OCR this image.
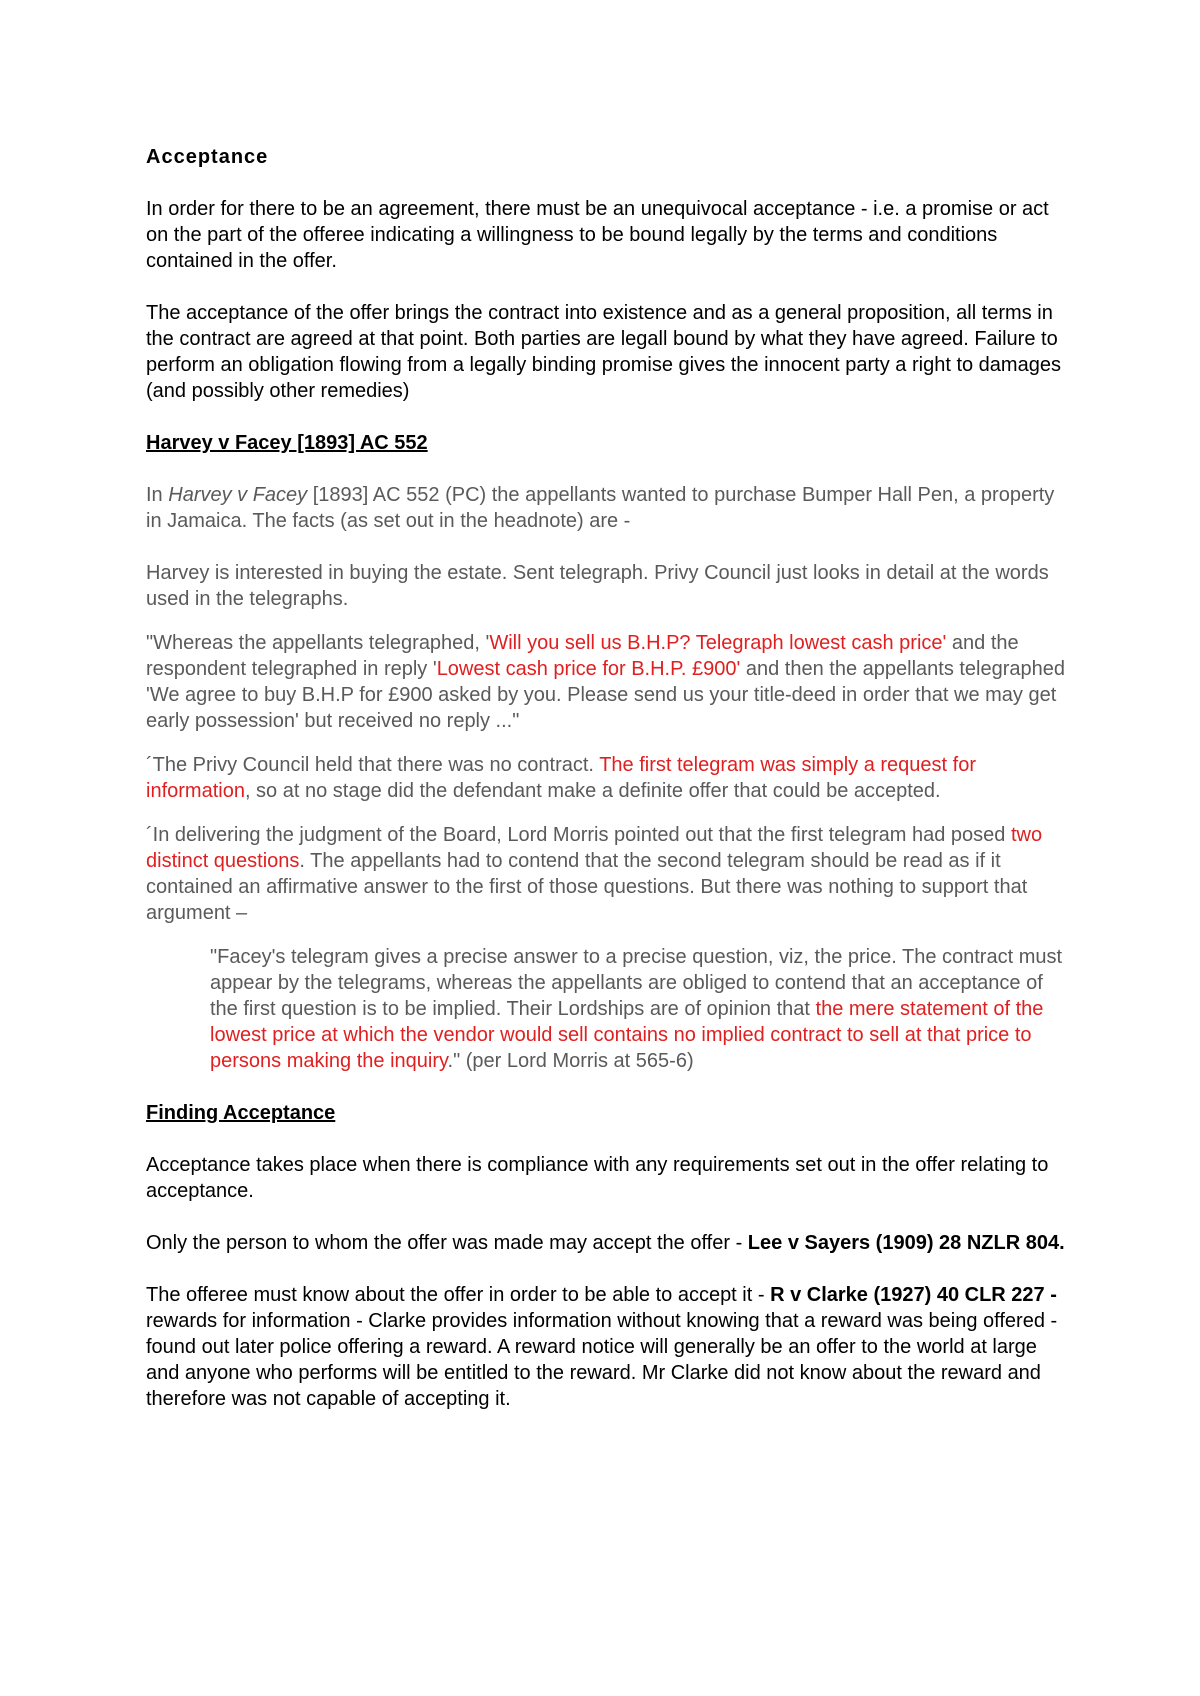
Acceptance

In order for there to be an agreement, there must be an unequivocal acceptance - i.e. a promise or act on the part of the offeree indicating a willingness to be bound legally by the terms and conditions contained in the offer.

The acceptance of the offer brings the contract into existence and as a general proposition, all terms in the contract are agreed at that point. Both parties are legall bound by what they have agreed. Failure to perform an obligation flowing from a legally binding promise gives the innocent party a right to damages (and possibly other remedies)

Harvey v Facey [1893] AC 552

In Harvey v Facey [1893] AC 552 (PC) the appellants wanted to purchase Bumper Hall Pen, a property in Jamaica. The facts (as set out in the headnote) are -

Harvey is interested in buying the estate. Sent telegraph. Privy Council just looks in detail at the words used in the telegraphs.

"Whereas the appellants telegraphed, 'Will you sell us B.H.P? Telegraph lowest cash price' and the respondent telegraphed in reply 'Lowest cash price for B.H.P. £900' and then the appellants telegraphed 'We agree to buy B.H.P for £900 asked by you. Please send us your title-deed in order that we may get early possession' but received no reply ..."

´The Privy Council held that there was no contract. The first telegram was simply a request for information, so at no stage did the defendant make a definite offer that could be accepted.

´In delivering the judgment of the Board, Lord Morris pointed out that the first telegram had posed two distinct questions. The appellants had to contend that the second telegram should be read as if it contained an affirmative answer to the first of those questions. But there was nothing to support that argument –

"Facey's telegram gives a precise answer to a precise question, viz, the price. The contract must appear by the telegrams, whereas the appellants are obliged to contend that an acceptance of the first question is to be implied. Their Lordships are of opinion that the mere statement of the lowest price at which the vendor would sell contains no implied contract to sell at that price to persons making the inquiry." (per Lord Morris at 565-6)

Finding Acceptance

Acceptance takes place when there is compliance with any requirements set out in the offer relating to acceptance.

Only the person to whom the offer was made may accept the offer - Lee v Sayers (1909) 28 NZLR 804.

The offeree must know about the offer in order to be able to accept it - R v Clarke (1927) 40 CLR 227 - rewards for information - Clarke provides information without knowing that a reward was being offered - found out later police offering a reward. A reward notice will generally be an offer to the world at large and anyone who performs will be entitled to the reward. Mr Clarke did not know about the reward and therefore was not capable of accepting it.
